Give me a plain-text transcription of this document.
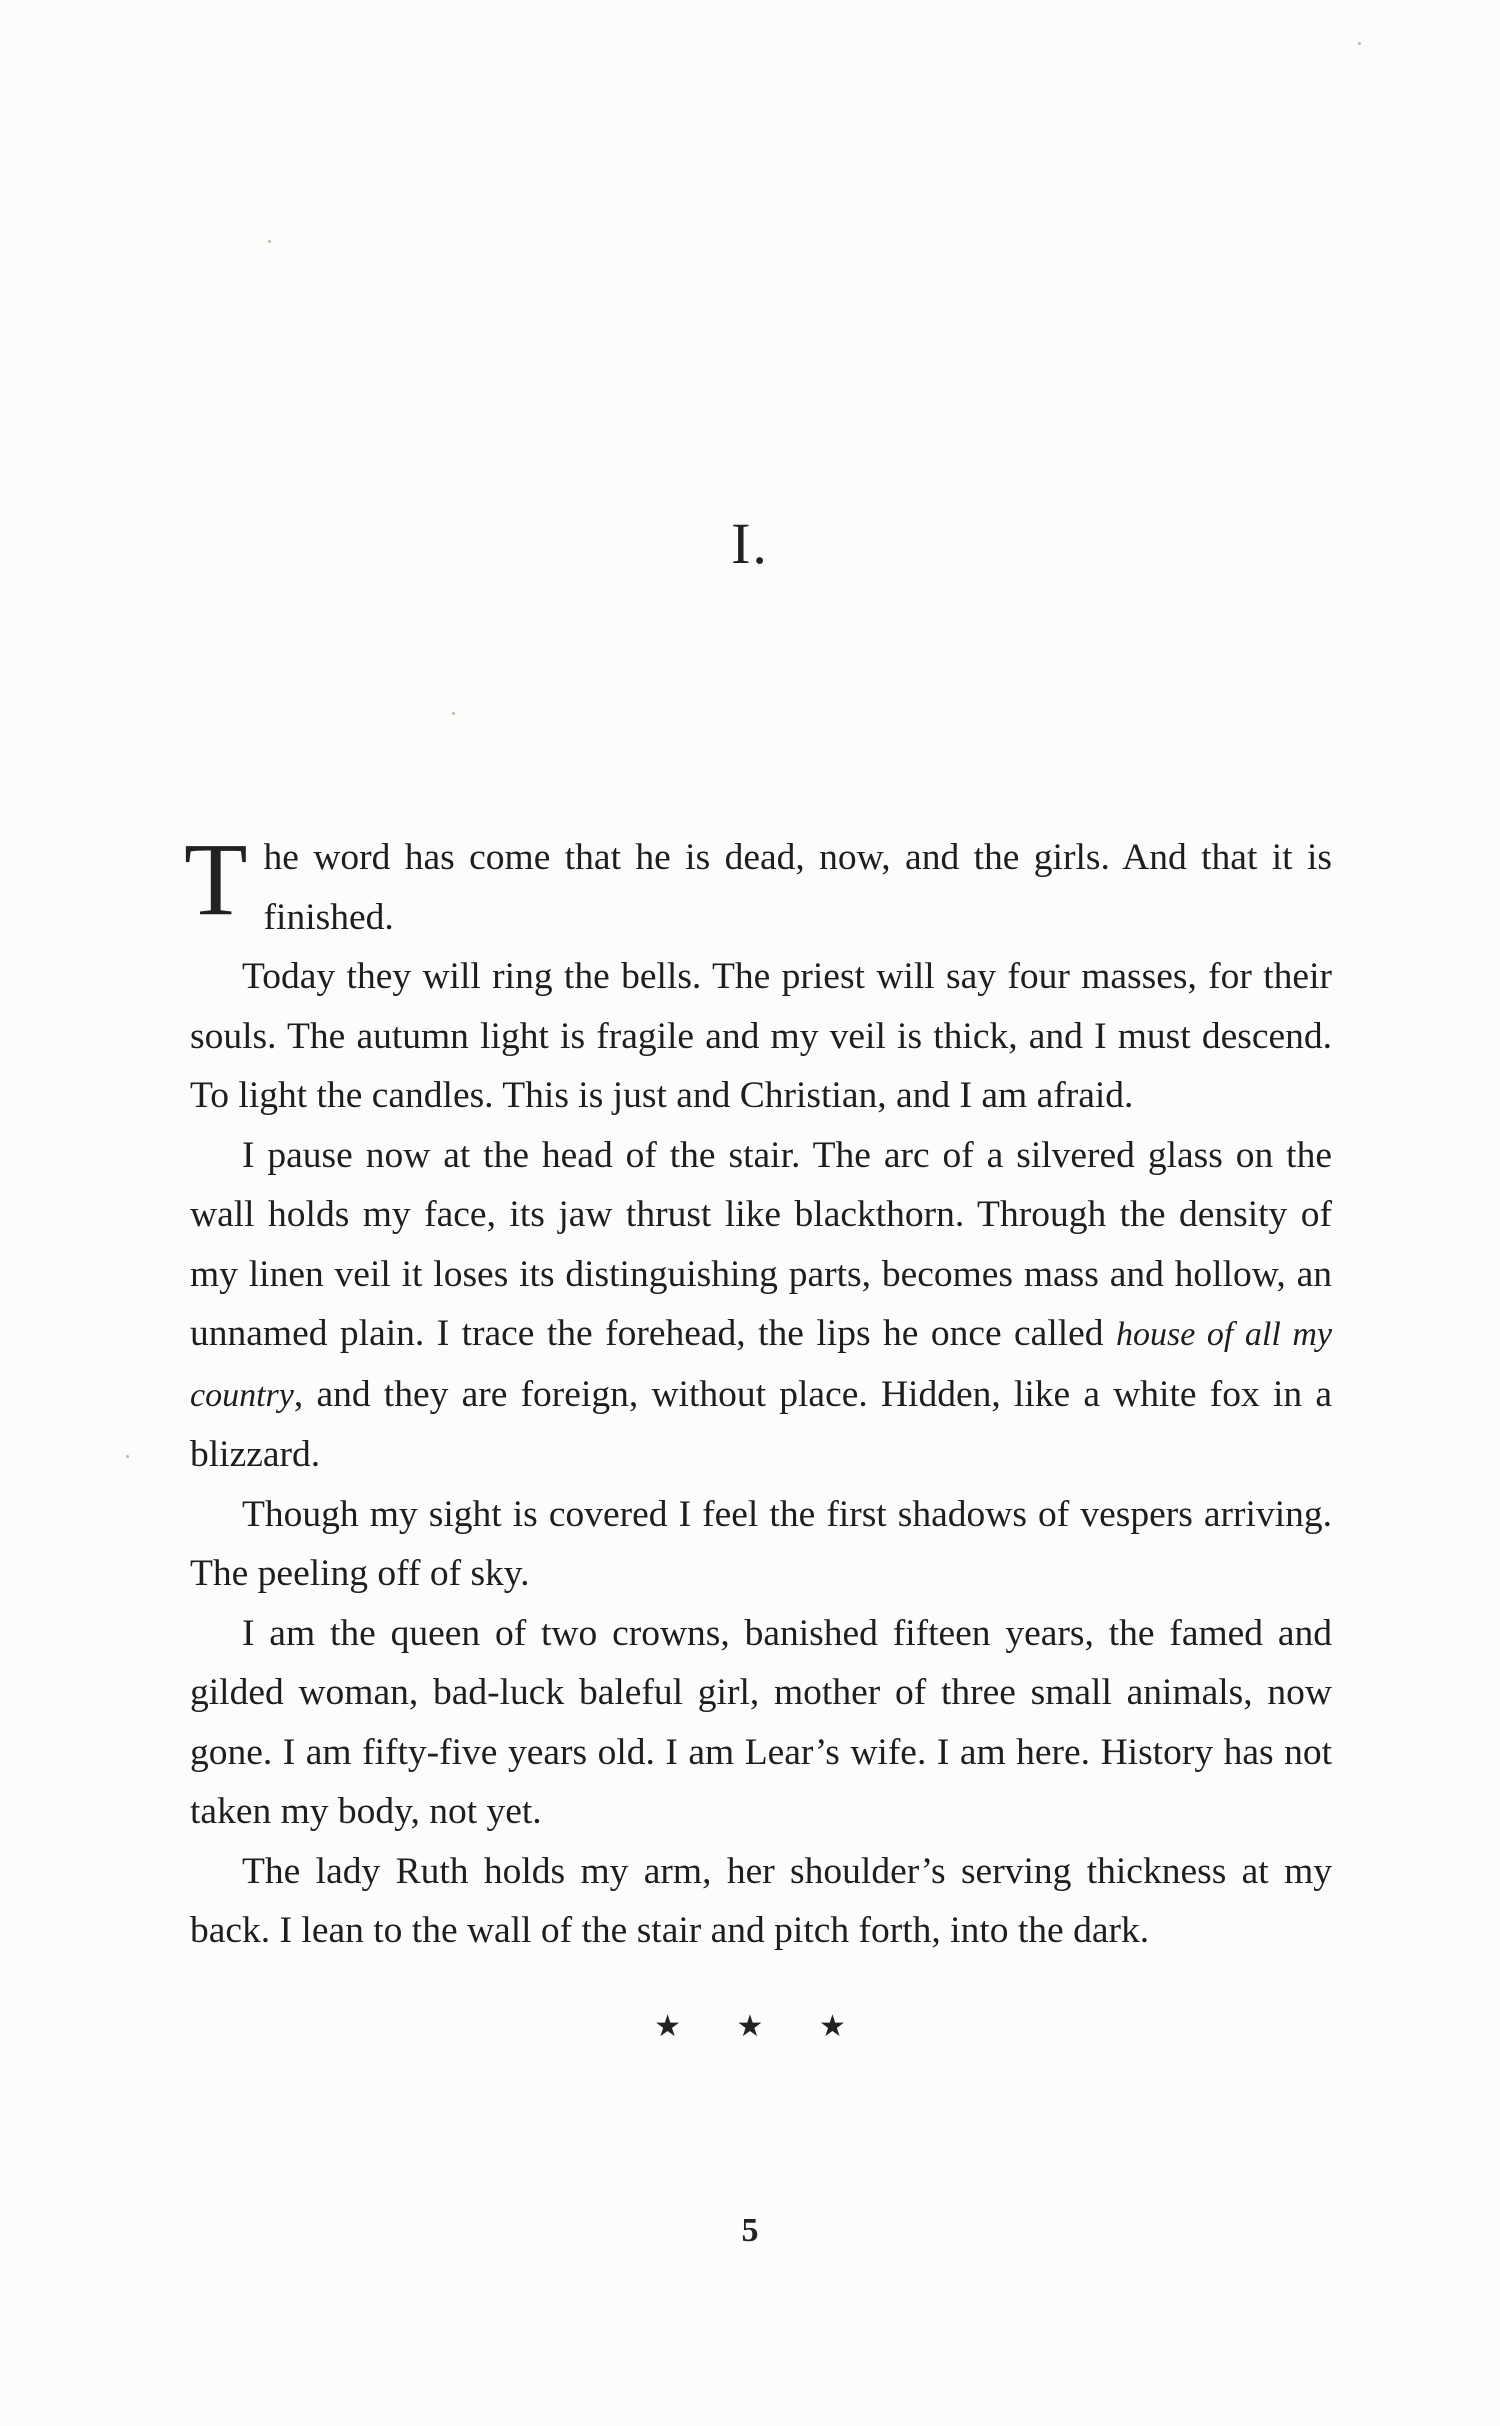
I.

The word has come that he is dead, now, and the girls. And that it is finished.

Today they will ring the bells. The priest will say four masses, for their souls. The autumn light is fragile and my veil is thick, and I must descend. To light the candles. This is just and Christian, and I am afraid.

I pause now at the head of the stair. The arc of a silvered glass on the wall holds my face, its jaw thrust like blackthorn. Through the density of my linen veil it loses its distinguishing parts, becomes mass and hollow, an unnamed plain. I trace the forehead, the lips he once called house of all my country, and they are foreign, without place. Hidden, like a white fox in a blizzard.

Though my sight is covered I feel the first shadows of vespers arriving. The peeling off of sky.

I am the queen of two crowns, banished fifteen years, the famed and gilded woman, bad-luck baleful girl, mother of three small animals, now gone. I am fifty-five years old. I am Lear’s wife. I am here. History has not taken my body, not yet.

The lady Ruth holds my arm, her shoulder’s serving thickness at my back. I lean to the wall of the stair and pitch forth, into the dark.

★ ★ ★
5
